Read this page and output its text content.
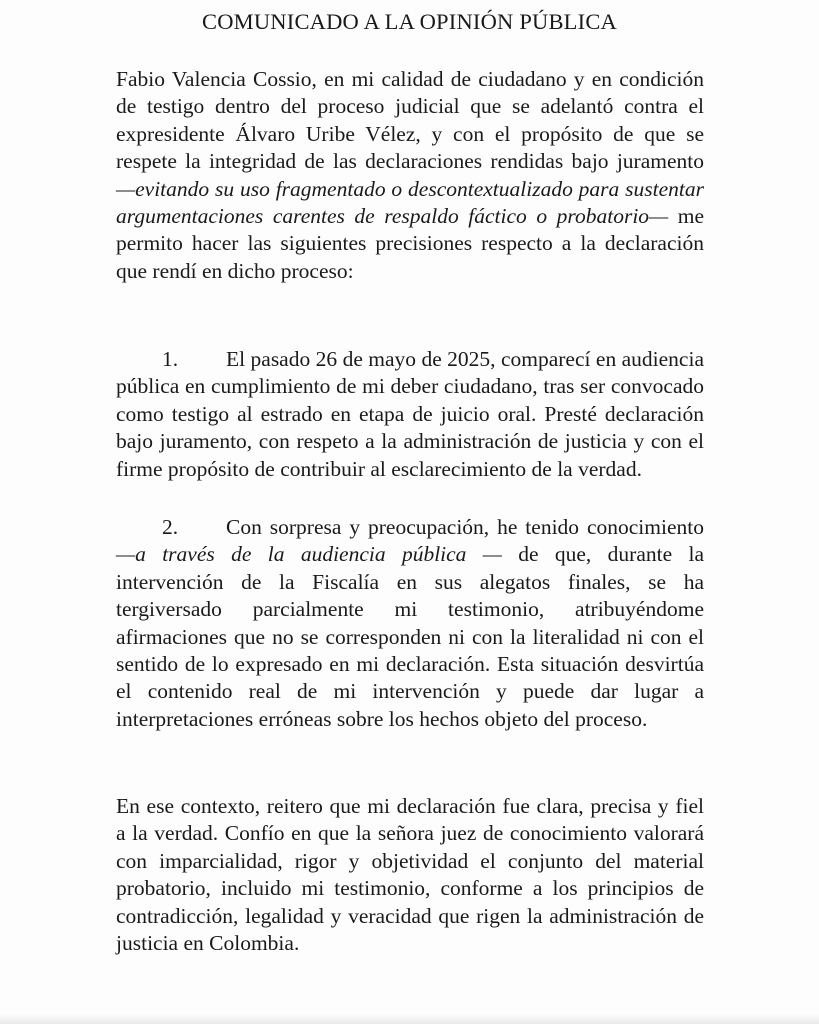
COMUNICADO A LA OPINIÓN PÚBLICA

Fabio Valencia Cossio, en mi calidad de ciudadano y en condición de testigo dentro del proceso judicial que se adelantó contra el expresidente Álvaro Uribe Vélez, y con el propósito de que se respete la integridad de las declaraciones rendidas bajo juramento —evitando su uso fragmentado o descontextualizado para sustentar argumentaciones carentes de respaldo fáctico o probatorio— me permito hacer las siguientes precisiones respecto a la declaración que rendí en dicho proceso:

1. El pasado 26 de mayo de 2025, comparecí en audiencia pública en cumplimiento de mi deber ciudadano, tras ser convocado como testigo al estrado en etapa de juicio oral. Presté declaración bajo juramento, con respeto a la administración de justicia y con el firme propósito de contribuir al esclarecimiento de la verdad.

2. Con sorpresa y preocupación, he tenido conocimiento —a través de la audiencia pública — de que, durante la intervención de la Fiscalía en sus alegatos finales, se ha tergiversado parcialmente mi testimonio, atribuyéndome afirmaciones que no se corresponden ni con la literalidad ni con el sentido de lo expresado en mi declaración. Esta situación desvirtúa el contenido real de mi intervención y puede dar lugar a interpretaciones erróneas sobre los hechos objeto del proceso.

En ese contexto, reitero que mi declaración fue clara, precisa y fiel a la verdad. Confío en que la señora juez de conocimiento valorará con imparcialidad, rigor y objetividad el conjunto del material probatorio, incluido mi testimonio, conforme a los principios de contradicción, legalidad y veracidad que rigen la administración de justicia en Colombia.
